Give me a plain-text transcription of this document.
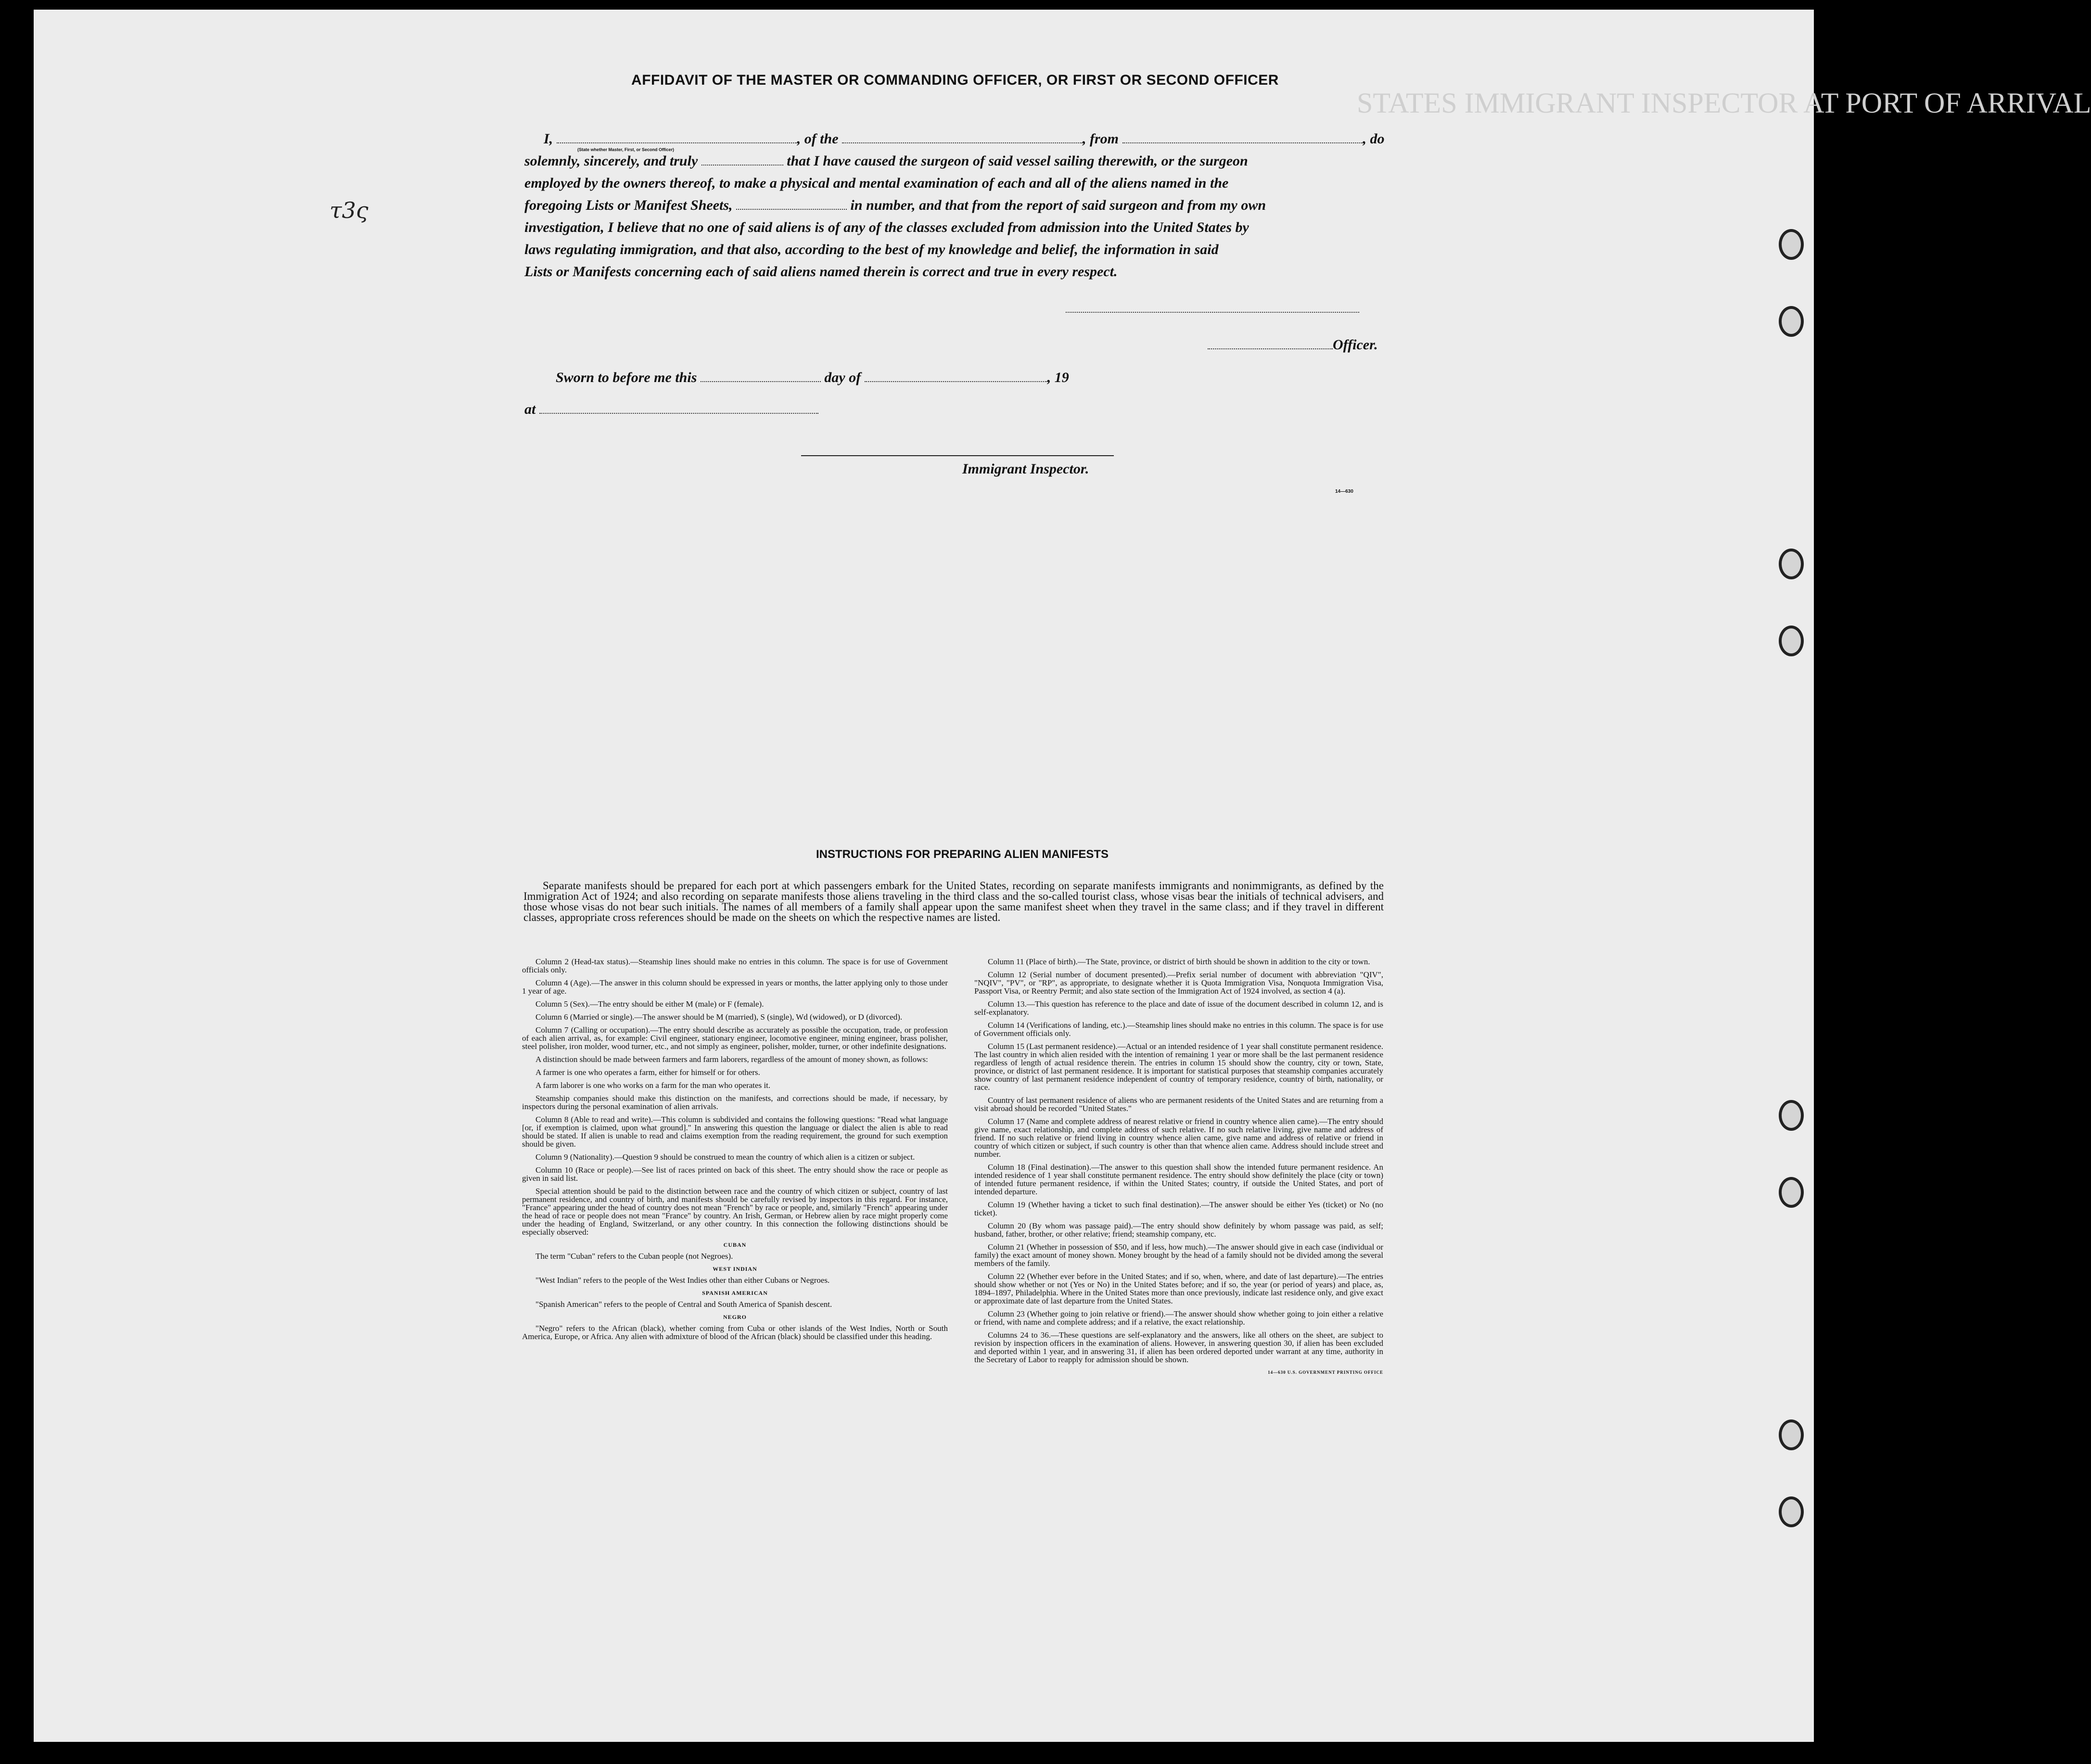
STATES IMMIGRANT INSPECTOR AT PORT OF ARRIVAL
τ3ς
AFFIDAVIT OF THE MASTER OR COMMANDING OFFICER, OR FIRST OR SECOND OFFICER
I,	, of the	, from	, do
(State whether Master, First, or Second Officer)
solemnly, sincerely, and truly	that I have caused the surgeon of said vessel sailing therewith, or the surgeon
employed by the owners thereof, to make a physical and mental examination of each and all of the aliens named in the
foregoing Lists or Manifest Sheets,	in number, and that from the report of said surgeon and from my own
investigation, I believe that no one of said aliens is of any of the classes excluded from admission into the United States by
laws regulating immigration, and that also, according to the best of my knowledge and belief, the information in said
Lists or Manifests concerning each of said aliens named therein is correct and true in every respect.
Officer.
Sworn to before me this	day of	, 19
at
Immigrant Inspector.
14—630
INSTRUCTIONS FOR PREPARING ALIEN MANIFESTS
Separate manifests should be prepared for each port at which passengers embark for the United States, recording on separate manifests immigrants and nonimmigrants, as defined by the Immigration Act of 1924; and also recording on separate manifests those aliens traveling in the third class and the so-called tourist class, whose visas bear the initials of technical advisers, and those whose visas do not bear such initials. The names of all members of a family shall appear upon the same manifest sheet when they travel in the same class; and if they travel in different classes, appropriate cross references should be made on the sheets on which the respective names are listed.

Column 2 (Head-tax status).—Steamship lines should make no entries in this column. The space is for use of Government officials only.

Column 4 (Age).—The answer in this column should be expressed in years or months, the latter applying only to those under 1 year of age.

Column 5 (Sex).—The entry should be either M (male) or F (female).

Column 6 (Married or single).—The answer should be M (married), S (single), Wd (widowed), or D (divorced).

Column 7 (Calling or occupation).—The entry should describe as accurately as possible the occupation, trade, or profession of each alien arrival, as, for example: Civil engineer, stationary engineer, locomotive engineer, mining engineer, brass polisher, steel polisher, iron molder, wood turner, etc., and not simply as engineer, polisher, molder, turner, or other indefinite designations.

A distinction should be made between farmers and farm laborers, regardless of the amount of money shown, as follows:

A farmer is one who operates a farm, either for himself or for others.

A farm laborer is one who works on a farm for the man who operates it.

Steamship companies should make this distinction on the manifests, and corrections should be made, if necessary, by inspectors during the personal examination of alien arrivals.

Column 8 (Able to read and write).—This column is subdivided and contains the following questions: "Read what language [or, if exemption is claimed, upon what ground]." In answering this question the language or dialect the alien is able to read should be stated. If alien is unable to read and claims exemption from the reading requirement, the ground for such exemption should be given.

Column 9 (Nationality).—Question 9 should be construed to mean the country of which alien is a citizen or subject.

Column 10 (Race or people).—See list of races printed on back of this sheet. The entry should show the race or people as given in said list.

Special attention should be paid to the distinction between race and the country of which citizen or subject, country of last permanent residence, and country of birth, and manifests should be carefully revised by inspectors in this regard. For instance, "France" appearing under the head of country does not mean "French" by race or people, and, similarly "French" appearing under the head of race or people does not mean "France" by country. An Irish, German, or Hebrew alien by race might properly come under the heading of England, Switzerland, or any other country. In this connection the following distinctions should be especially observed:

CUBAN

The term "Cuban" refers to the Cuban people (not Negroes).

WEST INDIAN

"West Indian" refers to the people of the West Indies other than either Cubans or Negroes.

SPANISH AMERICAN

"Spanish American" refers to the people of Central and South America of Spanish descent.

NEGRO

"Negro" refers to the African (black), whether coming from Cuba or other islands of the West Indies, North or South America, Europe, or Africa. Any alien with admixture of blood of the African (black) should be classified under this heading.

Column 11 (Place of birth).—The State, province, or district of birth should be shown in addition to the city or town.

Column 12 (Serial number of document presented).—Prefix serial number of document with abbreviation "QIV", "NQIV", "PV", or "RP", as appropriate, to designate whether it is Quota Immigration Visa, Nonquota Immigration Visa, Passport Visa, or Reentry Permit; and also state section of the Immigration Act of 1924 involved, as section 4 (a).

Column 13.—This question has reference to the place and date of issue of the document described in column 12, and is self-explanatory.

Column 14 (Verifications of landing, etc.).—Steamship lines should make no entries in this column. The space is for use of Government officials only.

Column 15 (Last permanent residence).—Actual or an intended residence of 1 year shall constitute permanent residence. The last country in which alien resided with the intention of remaining 1 year or more shall be the last permanent residence regardless of length of actual residence therein. The entries in column 15 should show the country, city or town, State, province, or district of last permanent residence. It is important for statistical purposes that steamship companies accurately show country of last permanent residence independent of country of temporary residence, country of birth, nationality, or race.

Country of last permanent residence of aliens who are permanent residents of the United States and are returning from a visit abroad should be recorded "United States."

Column 17 (Name and complete address of nearest relative or friend in country whence alien came).—The entry should give name, exact relationship, and complete address of such relative. If no such relative living, give name and address of friend. If no such relative or friend living in country whence alien came, give name and address of relative or friend in country of which citizen or subject, if such country is other than that whence alien came. Address should include street and number.

Column 18 (Final destination).—The answer to this question shall show the intended future permanent residence. An intended residence of 1 year shall constitute permanent residence. The entry should show definitely the place (city or town) of intended future permanent residence, if within the United States; country, if outside the United States, and port of intended departure.

Column 19 (Whether having a ticket to such final destination).—The answer should be either Yes (ticket) or No (no ticket).

Column 20 (By whom was passage paid).—The entry should show definitely by whom passage was paid, as self; husband, father, brother, or other relative; friend; steamship company, etc.

Column 21 (Whether in possession of $50, and if less, how much).—The answer should give in each case (individual or family) the exact amount of money shown. Money brought by the head of a family should not be divided among the several members of the family.

Column 22 (Whether ever before in the United States; and if so, when, where, and date of last departure).—The entries should show whether or not (Yes or No) in the United States before; and if so, the year (or period of years) and place, as, 1894–1897, Philadelphia. Where in the United States more than once previously, indicate last residence only, and give exact or approximate date of last departure from the United States.

Column 23 (Whether going to join relative or friend).—The answer should show whether going to join either a relative or friend, with name and complete address; and if a relative, the exact relationship.

Columns 24 to 36.—These questions are self-explanatory and the answers, like all others on the sheet, are subject to revision by inspection officers in the examination of aliens. However, in answering question 30, if alien has been excluded and deported within 1 year, and in answering 31, if alien has been ordered deported under warrant at any time, authority in the Secretary of Labor to reapply for admission should be shown.

14—630 U.S. GOVERNMENT PRINTING OFFICE
